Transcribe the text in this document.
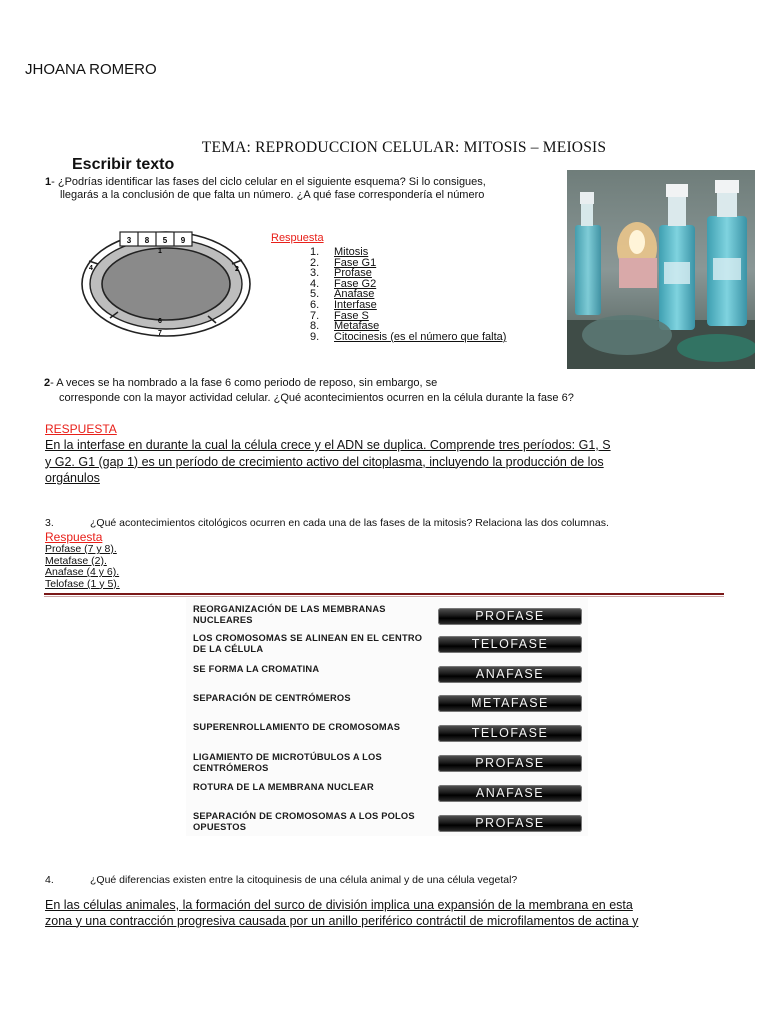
JHOANA ROMERO
TEMA: REPRODUCCION CELULAR: MITOSIS – MEIOSIS
Escribir texto
1- ¿Podrías identificar las fases del ciclo celular en el siguiente esquema? Si lo consigues,
llegarás a la conclusión de que falta un número. ¿A qué fase correspondería el número
3 8 5 9
1
2
4
6
7
Respuesta
1.	Mitosis
2.	Fase G1
3.	Profase
4.	Fase G2
5.	Anafase
6.	Interfase
7.	Fase S
8.	Metafase
9.	Citocinesis (es el número que falta)
2- A veces se ha nombrado a la fase 6 como periodo de reposo, sin embargo, se
corresponde con la mayor actividad celular. ¿Qué acontecimientos ocurren en la célula durante la fase 6?
RESPUESTA
En la interfase en durante la cual la célula crece y el ADN se duplica. Comprende tres períodos: G1, S
y G2. G1 (gap 1) es un período de crecimiento activo del citoplasma, incluyendo la producción de los
orgánulos
3.	¿Qué acontecimientos citológicos ocurren en cada una de las fases de la mitosis? Relaciona las dos columnas.
Respuesta
Profase (7 y 8).
Metafase (2).
Anafase (4 y 6).
Telofase (1 y 5).
REORGANIZACIÓN DE LAS MEMBRANAS NUCLEARES	PROFASE
LOS CROMOSOMAS SE ALINEAN EN EL CENTRO DE LA CÉLULA	TELOFASE
SE FORMA LA CROMATINA	ANAFASE
SEPARACIÓN DE CENTRÓMEROS	METAFASE
SUPERENROLLAMIENTO DE CROMOSOMAS	TELOFASE
LIGAMIENTO DE MICROTÚBULOS A LOS CENTRÓMEROS	PROFASE
ROTURA DE LA MEMBRANA NUCLEAR	ANAFASE
SEPARACIÓN DE CROMOSOMAS A LOS POLOS OPUESTOS	PROFASE
4.	¿Qué diferencias existen entre la citoquinesis de una célula animal y de una célula vegetal?
En las células animales, la formación del surco de división implica una expansión de la membrana en esta
zona y una contracción progresiva causada por un anillo periférico contráctil de microfilamentos de actina y
